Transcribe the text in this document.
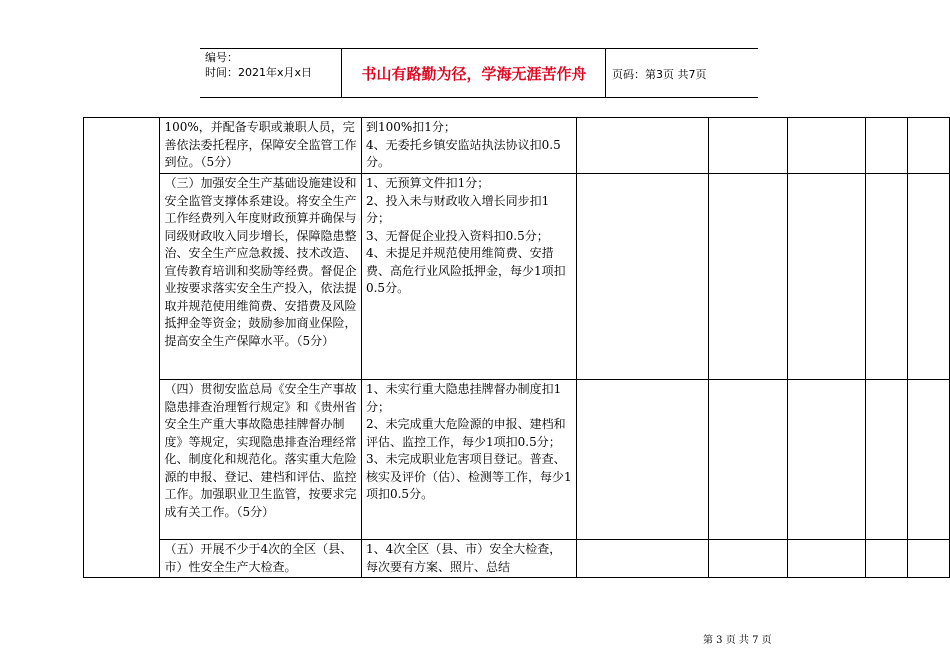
编号：
时间：2021年x月x日	书山有路勤为径，学海无涯苦作舟	页码：第3页 共7页
	100%，并配备专职或兼职人员，完善依法委托程序，保障安全监管工作到位。（5分）	到100%扣1分；
4、无委托乡镇安监站执法协议扣0.5分。					

	（三）加强安全生产基础设施建设和安全监管支撑体系建设。将安全生产工作经费列入年度财政预算并确保与同级财政收入同步增长，保障隐患整治、安全生产应急救援、技术改造、宣传教育培训和奖励等经费。督促企业按要求落实安全生产投入，依法提取并规范使用维简费、安措费及风险抵押金等资金；鼓励参加商业保险，提高安全生产保障水平。（5分）	1、无预算文件扣1分；
2、投入未与财政收入增长同步扣1分；
3、无督促企业投入资料扣0.5分；
4、未提足并规范使用维简费、安措费、高危行业风险抵押金，每少1项扣0.5分。					

	（四）贯彻安监总局《安全生产事故隐患排查治理暂行规定》和《贵州省安全生产重大事故隐患挂牌督办制度》等规定，实现隐患排查治理经常化、制度化和规范化。落实重大危险源的申报、登记、建档和评估、监控工作。加强职业卫生监管，按要求完成有关工作。（5分）	1、未实行重大隐患挂牌督办制度扣1分；
2、未完成重大危险源的申报、建档和评估、监控工作，每少1项扣0.5分；
3、未完成职业危害项目登记。普查、核实及评价（估）、检测等工作，每少1项扣0.5分。					

	（五）开展不少于4次的全区（县、市）性安全生产大检查。	1、4次全区（县、市）安全大检查，每次要有方案、照片、总结					

第 3 页 共 7 页
